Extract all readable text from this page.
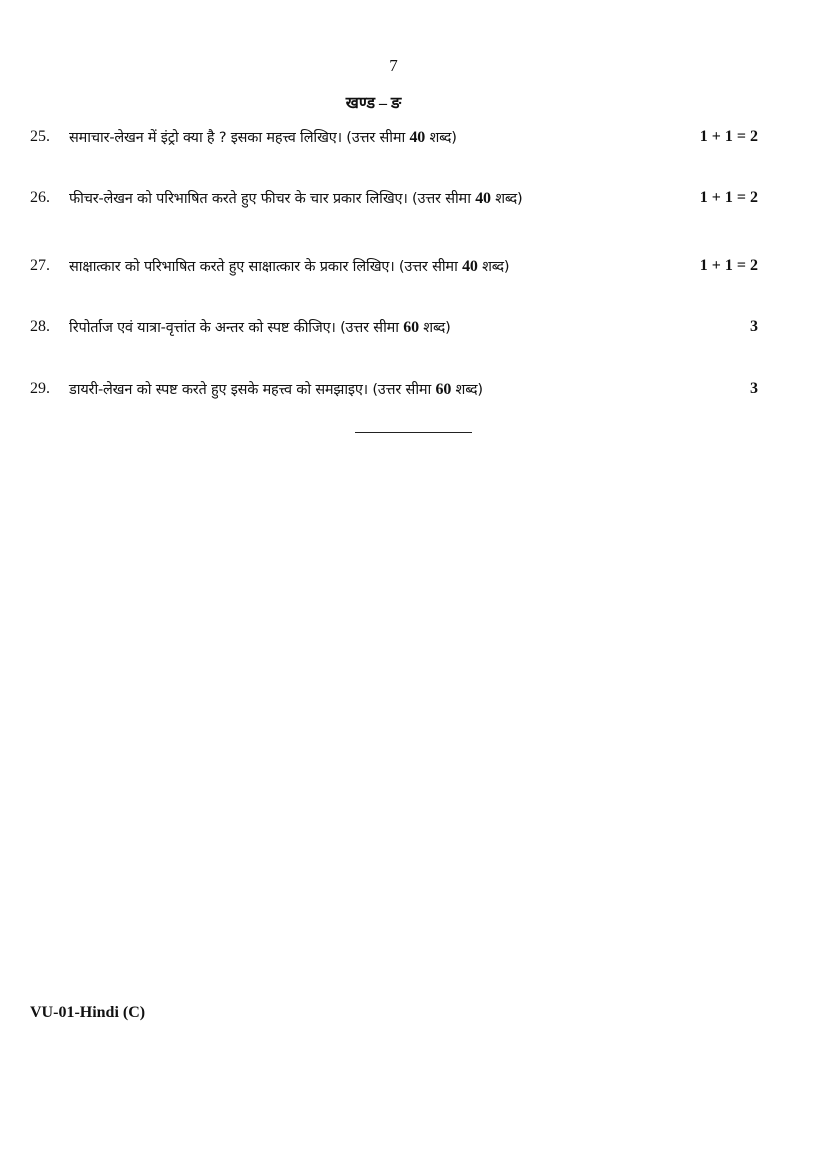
7
खण्ड – ङ
25.	समाचार-लेखन में इंट्रो क्या है ? इसका महत्त्व लिखिए। (उत्तर सीमा 40 शब्द)	1 + 1 = 2
26.	फीचर-लेखन को परिभाषित करते हुए फीचर के चार प्रकार लिखिए। (उत्तर सीमा 40 शब्द)	1 + 1 = 2
27.	साक्षात्कार को परिभाषित करते हुए साक्षात्कार के प्रकार लिखिए। (उत्तर सीमा 40 शब्द)	1 + 1 = 2
28.	रिपोर्ताज एवं यात्रा-वृत्तांत के अन्तर को स्पष्ट कीजिए। (उत्तर सीमा 60 शब्द)	3
29.	डायरी-लेखन को स्पष्ट करते हुए इसके महत्त्व को समझाइए। (उत्तर सीमा 60 शब्द)	3
VU-01-Hindi (C)
